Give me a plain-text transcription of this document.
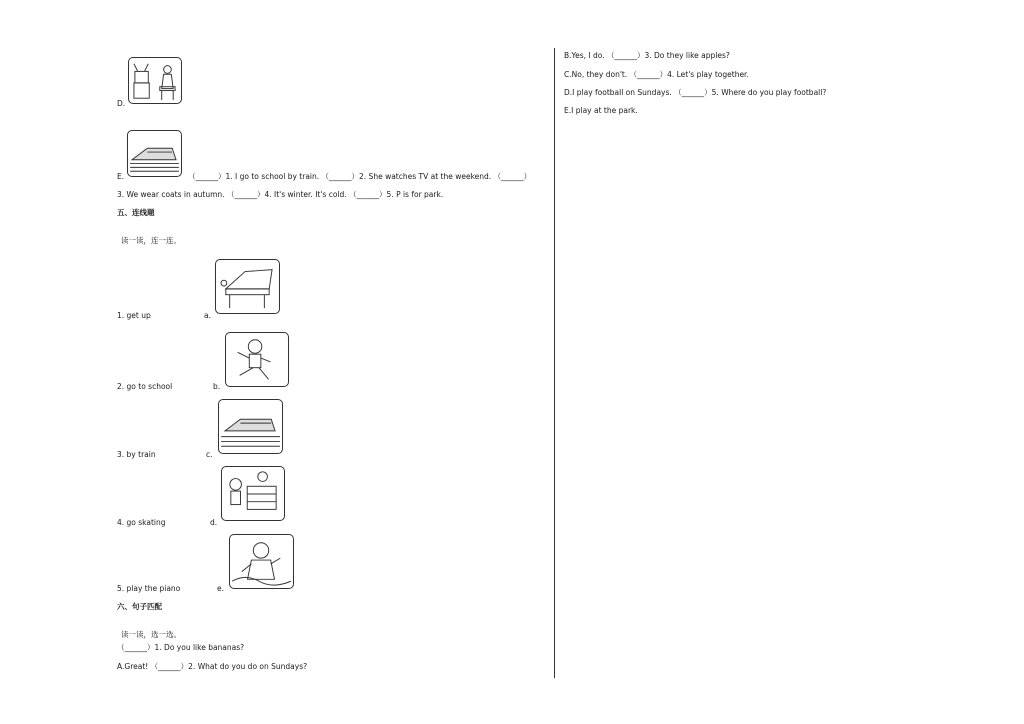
D.
E.	（______）1. I go to school by train. （______）2. She watches TV at the weekend. （______）
3. We wear coats in autumn. （______）4. It's winter. It's cold. （______）5. P is for park.
五、连线题
读一读，连一连。
1. get up	a.
2. go to school	b.
3. by train	c.
4. go skating	d.
5. play the piano	e.
六、句子匹配
读一读，选一选。
（______）1. Do you like bananas?
A.Great! （______）2. What do you do on Sundays?
B.Yes, I do. （______）3. Do they like apples?
C.No, they don't. （______）4. Let's play together.
D.I play football on Sundays. （______）5. Where do you play football?
E.I play at the park.
